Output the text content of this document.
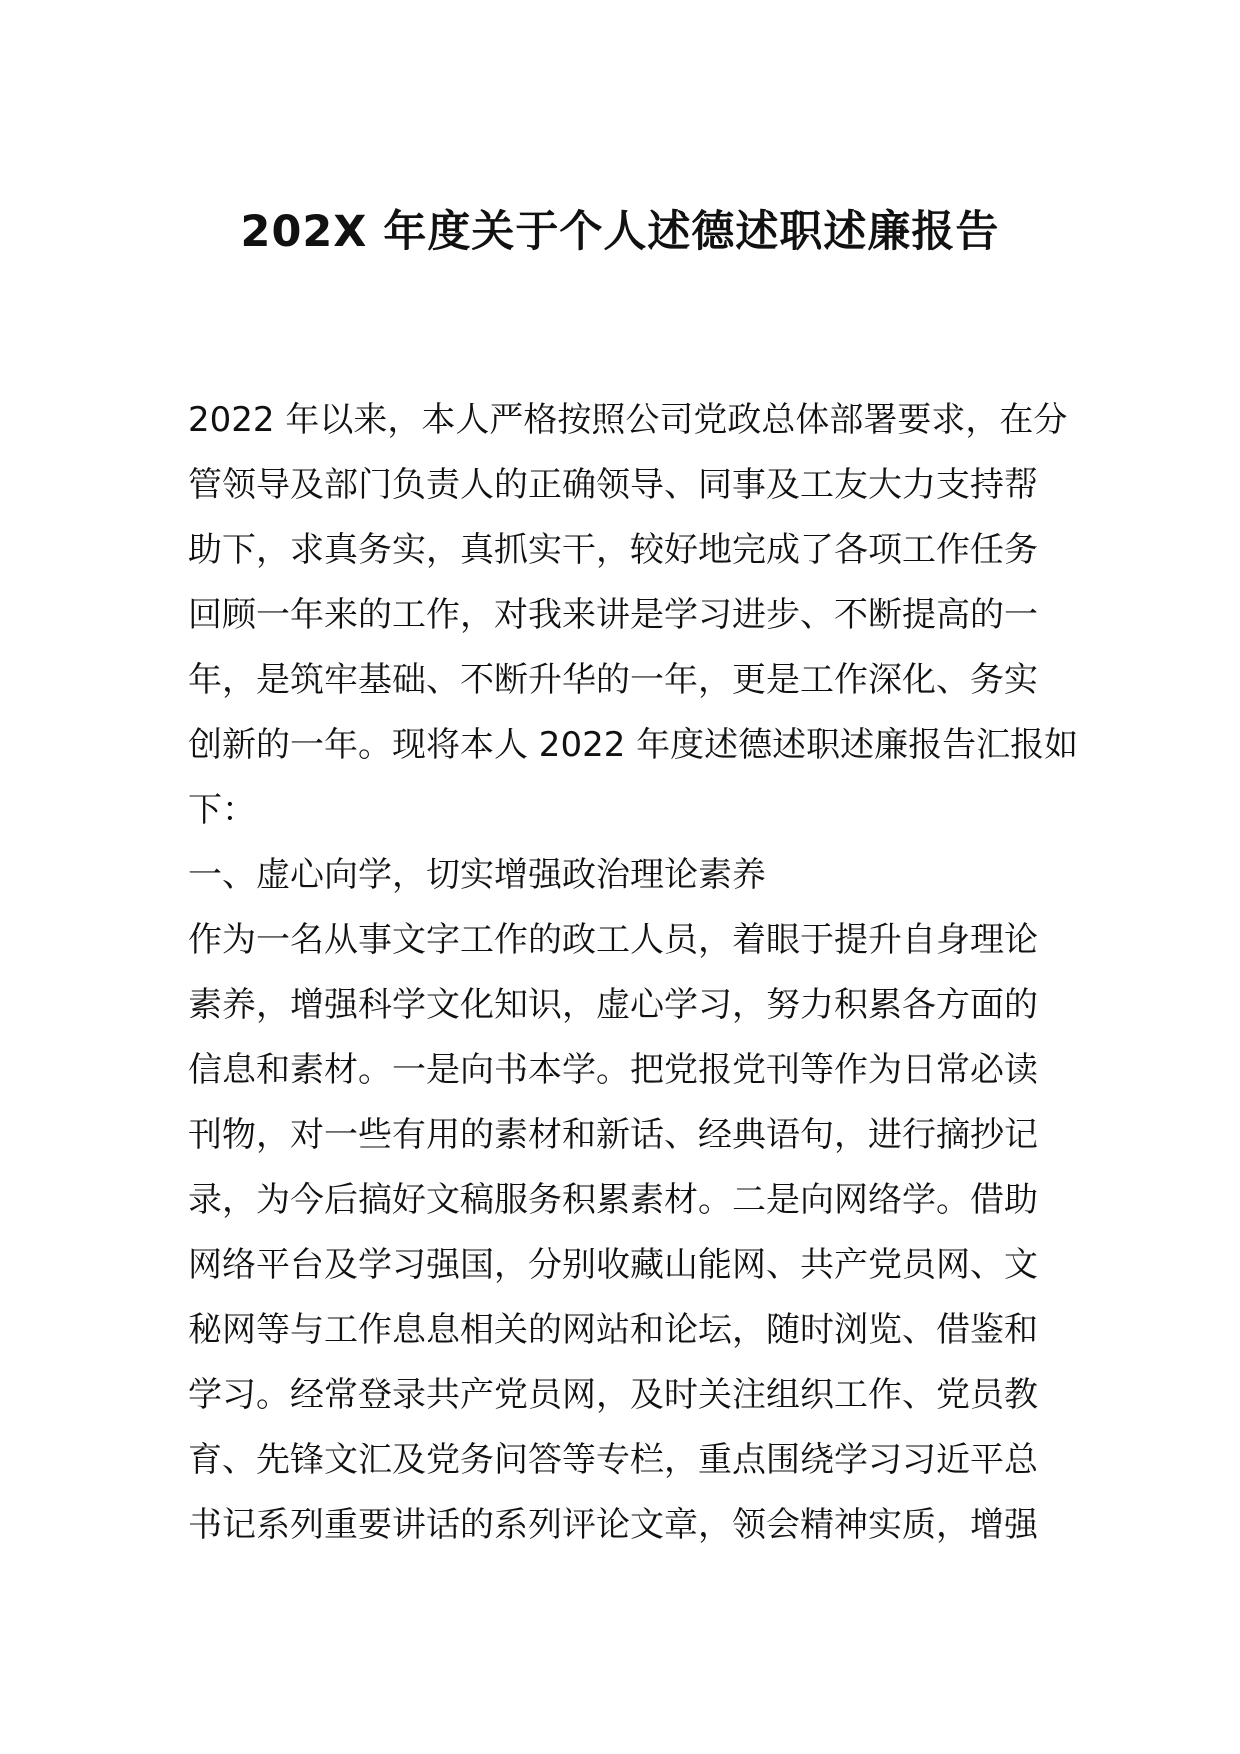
202X 年度关于个人述德述职述廉报告
2022 年以来，本人严格按照公司党政总体部署要求，在分
管领导及部门负责人的正确领导、同事及工友大力支持帮
助下，求真务实，真抓实干，较好地完成了各项工作任务
回顾一年来的工作，对我来讲是学习进步、不断提高的一
年，是筑牢基础、不断升华的一年，更是工作深化、务实
创新的一年。现将本人 2022 年度述德述职述廉报告汇报如
下：
一、虚心向学，切实增强政治理论素养
作为一名从事文字工作的政工人员，着眼于提升自身理论
素养，增强科学文化知识，虚心学习，努力积累各方面的
信息和素材。一是向书本学。把党报党刊等作为日常必读
刊物，对一些有用的素材和新话、经典语句，进行摘抄记
录，为今后搞好文稿服务积累素材。二是向网络学。借助
网络平台及学习强国，分别收藏山能网、共产党员网、文
秘网等与工作息息相关的网站和论坛，随时浏览、借鉴和
学习。经常登录共产党员网，及时关注组织工作、党员教
育、先锋文汇及党务问答等专栏，重点围绕学习习近平总
书记系列重要讲话的系列评论文章，领会精神实质，增强
